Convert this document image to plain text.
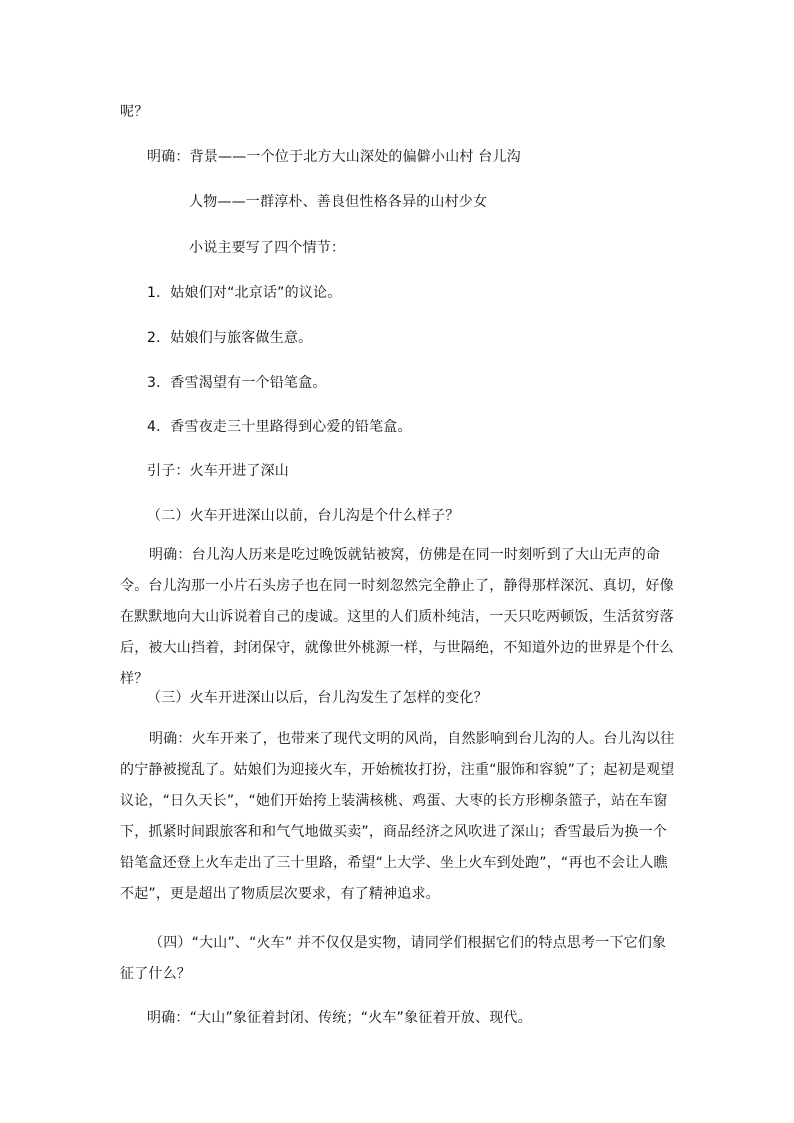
呢？
明确：背景——一个位于北方大山深处的偏僻小山村 台儿沟
人物——一群淳朴、善良但性格各异的山村少女
小说主要写了四个情节：
1．姑娘们对“北京话”的议论。
2．姑娘们与旅客做生意。
3．香雪渴望有一个铅笔盒。
4．香雪夜走三十里路得到心爱的铅笔盒。
引子：火车开进了深山
（二）火车开进深山以前，台儿沟是个什么样子？

明确：台儿沟人历来是吃过晚饭就钻被窝，仿佛是在同一时刻听到了大山无声的命令。台儿沟那一小片石头房子也在同一时刻忽然完全静止了，静得那样深沉、真切，好像在默默地向大山诉说着自己的虔诚。这里的人们质朴纯洁，一天只吃两顿饭，生活贫穷落后，被大山挡着，封闭保守，就像世外桃源一样，与世隔绝，不知道外边的世界是个什么样？

（三）火车开进深山以后，台儿沟发生了怎样的变化？

明确：火车开来了，也带来了现代文明的风尚，自然影响到台儿沟的人。台儿沟以往的宁静被搅乱了。姑娘们为迎接火车，开始梳妆打扮，注重“服饰和容貌”了；起初是观望议论，“日久天长”，“她们开始挎上装满核桃、鸡蛋、大枣的长方形柳条篮子，站在车窗下，抓紧时间跟旅客和和气气地做买卖”，商品经济之风吹进了深山；香雪最后为换一个铅笔盒还登上火车走出了三十里路，希望“上大学、坐上火车到处跑”，“再也不会让人瞧不起”，更是超出了物质层次要求，有了精神追求。

（四）“大山”、“火车” 并不仅仅是实物，请同学们根据它们的特点思考一下它们象征了什么？

明确：“大山”象征着封闭、传统；“火车”象征着开放、现代。
